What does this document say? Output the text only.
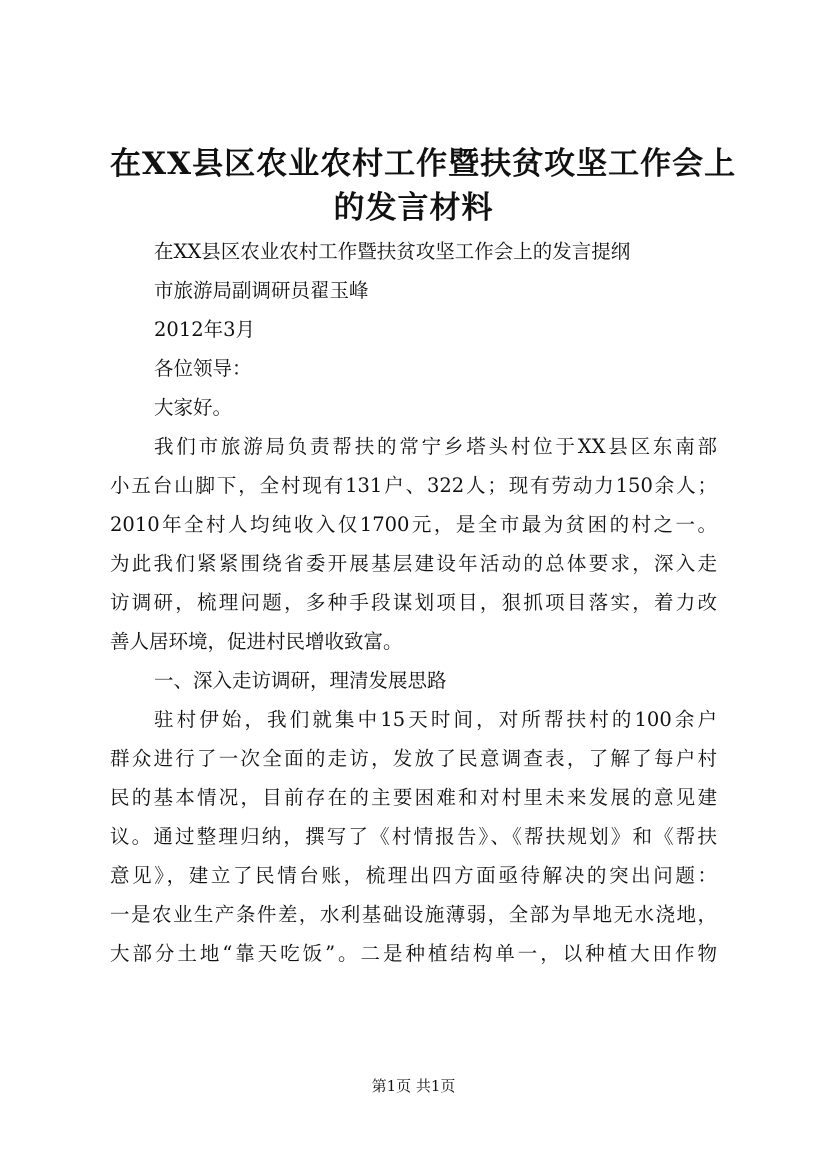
在XX县区农业农村工作暨扶贫攻坚工作会上
的发言材料
在XX县区农业农村工作暨扶贫攻坚工作会上的发言提纲
市旅游局副调研员翟玉峰
2012年3月
各位领导：
大家好。
我们市旅游局负责帮扶的常宁乡塔头村位于XX县区东南部
小五台山脚下，全村现有131户、322人；现有劳动力150余人；
2010年全村人均纯收入仅1700元，是全市最为贫困的村之一。
为此我们紧紧围绕省委开展基层建设年活动的总体要求，深入走
访调研，梳理问题，多种手段谋划项目，狠抓项目落实，着力改
善人居环境，促进村民增收致富。
一、深入走访调研，理清发展思路
驻村伊始，我们就集中15天时间，对所帮扶村的100余户
群众进行了一次全面的走访，发放了民意调查表，了解了每户村
民的基本情况，目前存在的主要困难和对村里未来发展的意见建
议。通过整理归纳，撰写了《村情报告》、《帮扶规划》和《帮扶
意见》，建立了民情台账，梳理出四方面亟待解决的突出问题：
一是农业生产条件差，水利基础设施薄弱，全部为旱地无水浇地，
大部分土地“靠天吃饭”。二是种植结构单一，以种植大田作物
第1页 共1页
